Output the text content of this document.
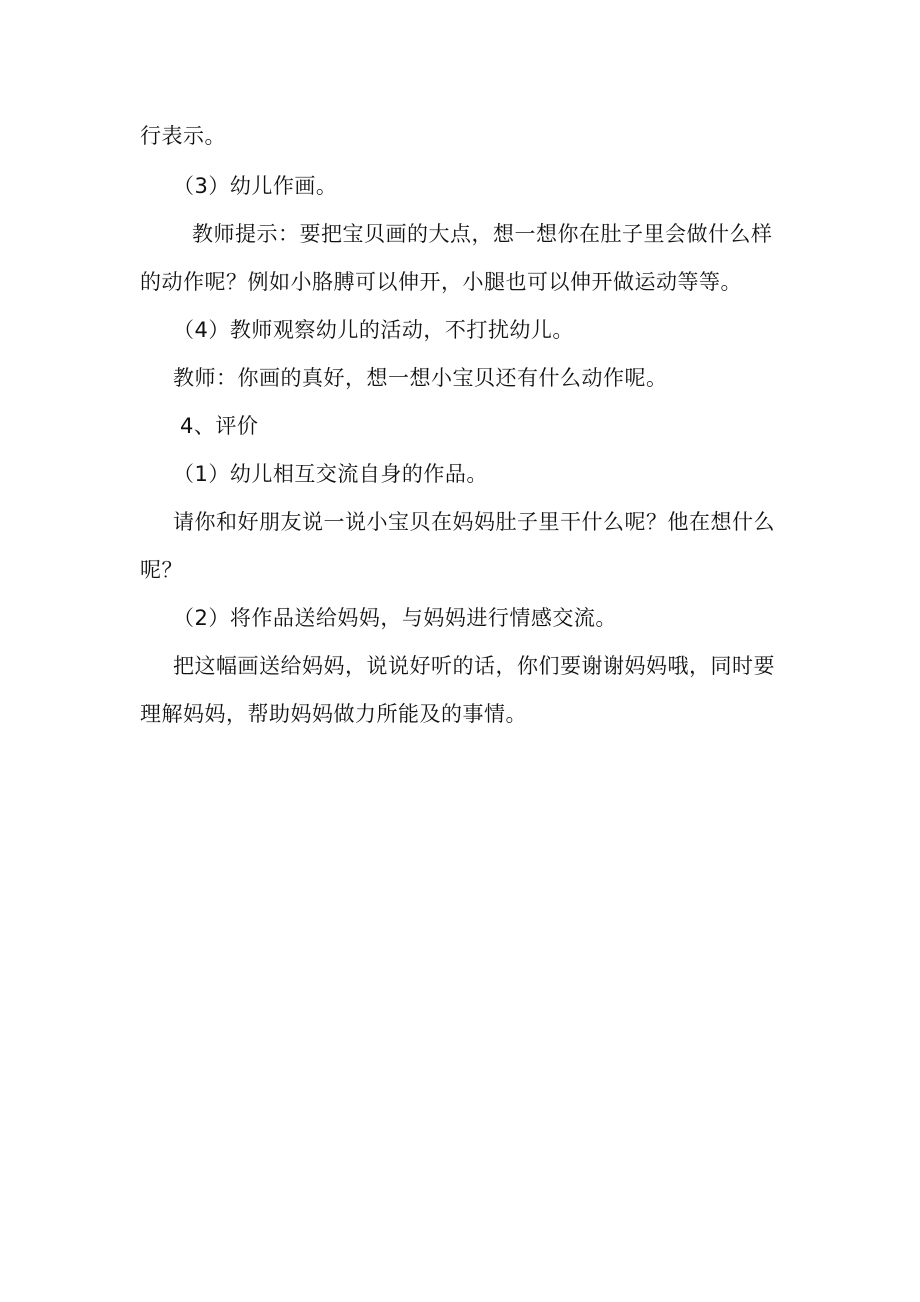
行表示。
（3）幼儿作画。
教师提示：要把宝贝画的大点，想一想你在肚子里会做什么样
的动作呢？例如小胳膊可以伸开，小腿也可以伸开做运动等等。
（4）教师观察幼儿的活动，不打扰幼儿。
教师：你画的真好，想一想小宝贝还有什么动作呢。
4、评价
（1）幼儿相互交流自身的作品。
请你和好朋友说一说小宝贝在妈妈肚子里干什么呢？他在想什么
呢？
（2）将作品送给妈妈，与妈妈进行情感交流。
把这幅画送给妈妈，说说好听的话，你们要谢谢妈妈哦，同时要
理解妈妈，帮助妈妈做力所能及的事情。
